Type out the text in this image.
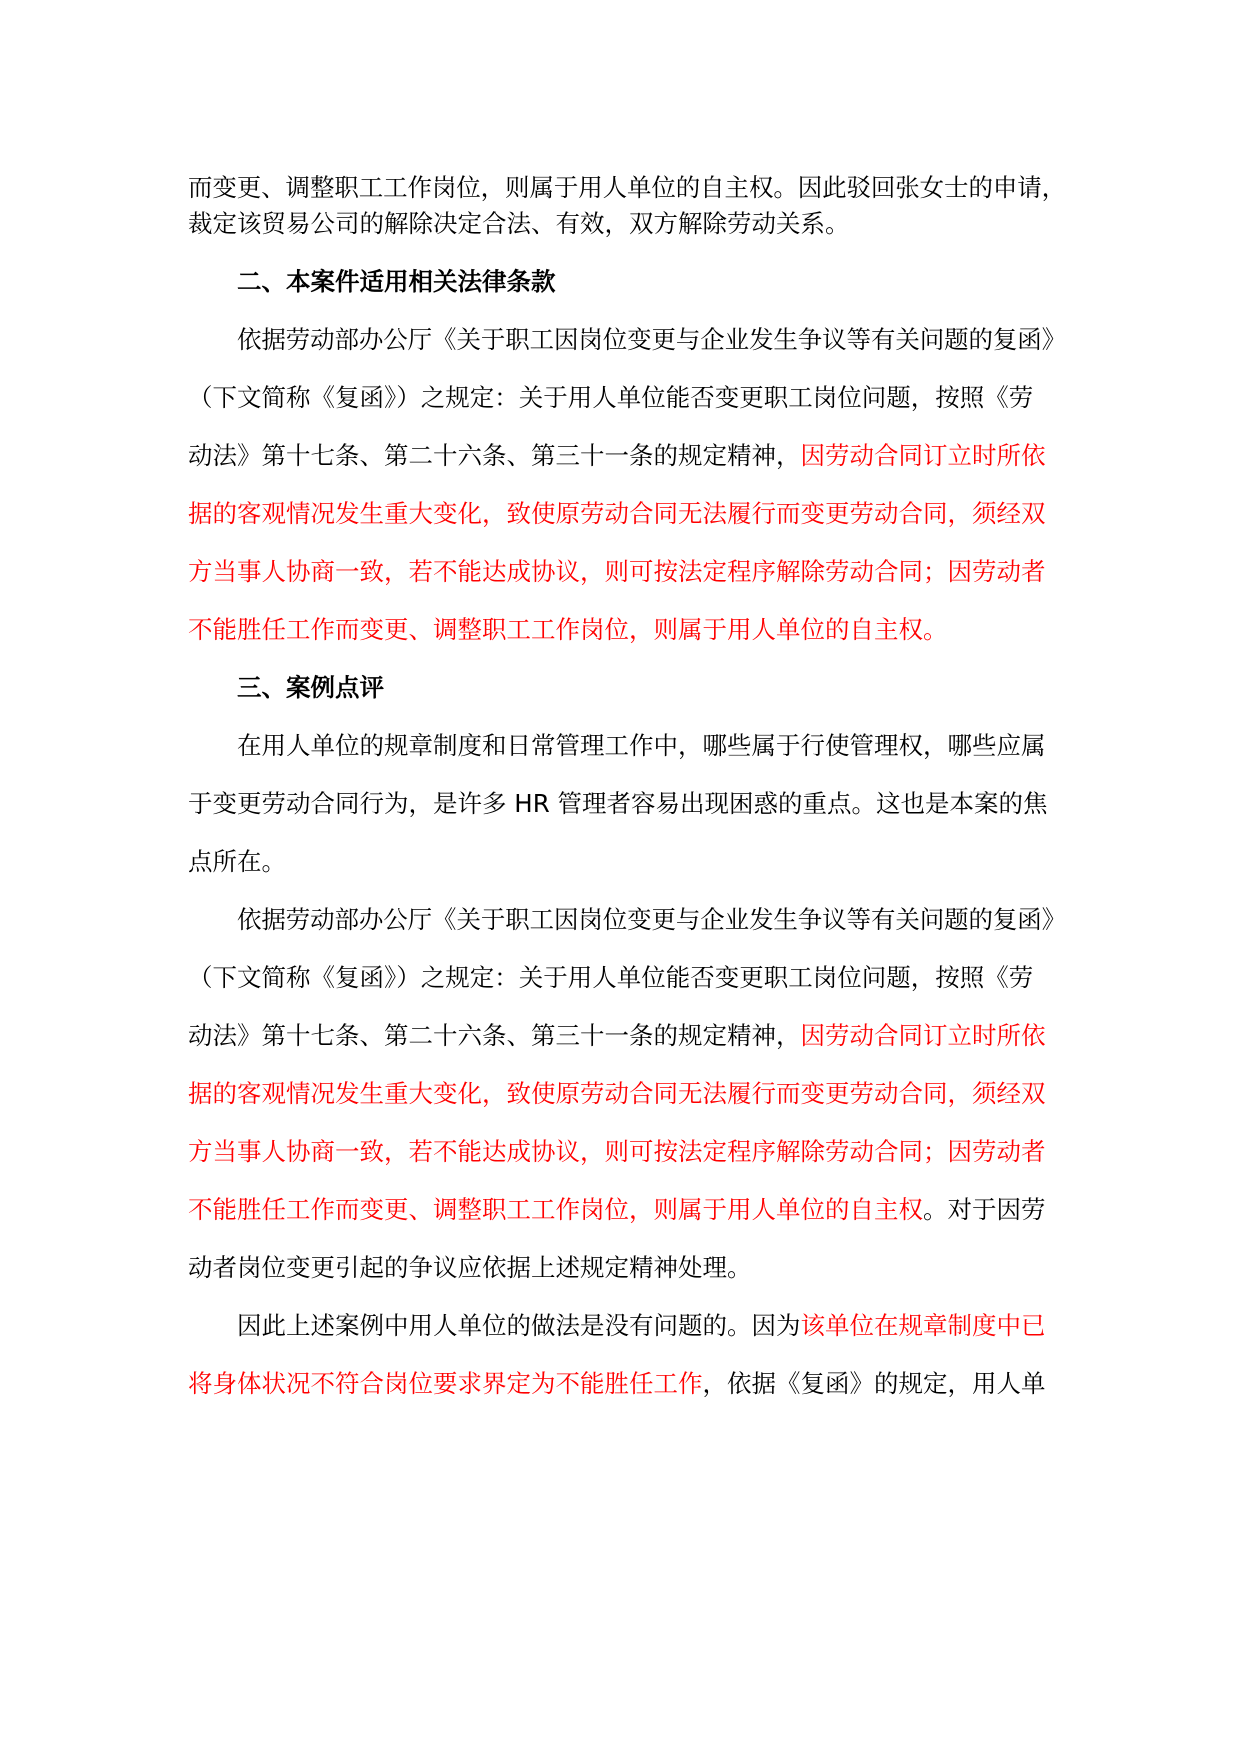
而变更、调整职工工作岗位，则属于用人单位的自主权。因此驳回张女士的申请，
裁定该贸易公司的解除决定合法、有效，双方解除劳动关系。
二、本案件适用相关法律条款
依据劳动部办公厅《关于职工因岗位变更与企业发生争议等有关问题的复函》
（下文简称《复函》）之规定：关于用人单位能否变更职工岗位问题，按照《劳
动法》第十七条、第二十六条、第三十一条的规定精神，因劳动合同订立时所依
据的客观情况发生重大变化，致使原劳动合同无法履行而变更劳动合同，须经双
方当事人协商一致，若不能达成协议，则可按法定程序解除劳动合同；因劳动者
不能胜任工作而变更、调整职工工作岗位，则属于用人单位的自主权。
三、案例点评
在用人单位的规章制度和日常管理工作中，哪些属于行使管理权，哪些应属
于变更劳动合同行为，是许多 HR 管理者容易出现困惑的重点。这也是本案的焦
点所在。
依据劳动部办公厅《关于职工因岗位变更与企业发生争议等有关问题的复函》
（下文简称《复函》）之规定：关于用人单位能否变更职工岗位问题，按照《劳
动法》第十七条、第二十六条、第三十一条的规定精神，因劳动合同订立时所依
据的客观情况发生重大变化，致使原劳动合同无法履行而变更劳动合同，须经双
方当事人协商一致，若不能达成协议，则可按法定程序解除劳动合同；因劳动者
不能胜任工作而变更、调整职工工作岗位，则属于用人单位的自主权。对于因劳
动者岗位变更引起的争议应依据上述规定精神处理。
因此上述案例中用人单位的做法是没有问题的。因为该单位在规章制度中已
将身体状况不符合岗位要求界定为不能胜任工作，依据《复函》的规定，用人单
